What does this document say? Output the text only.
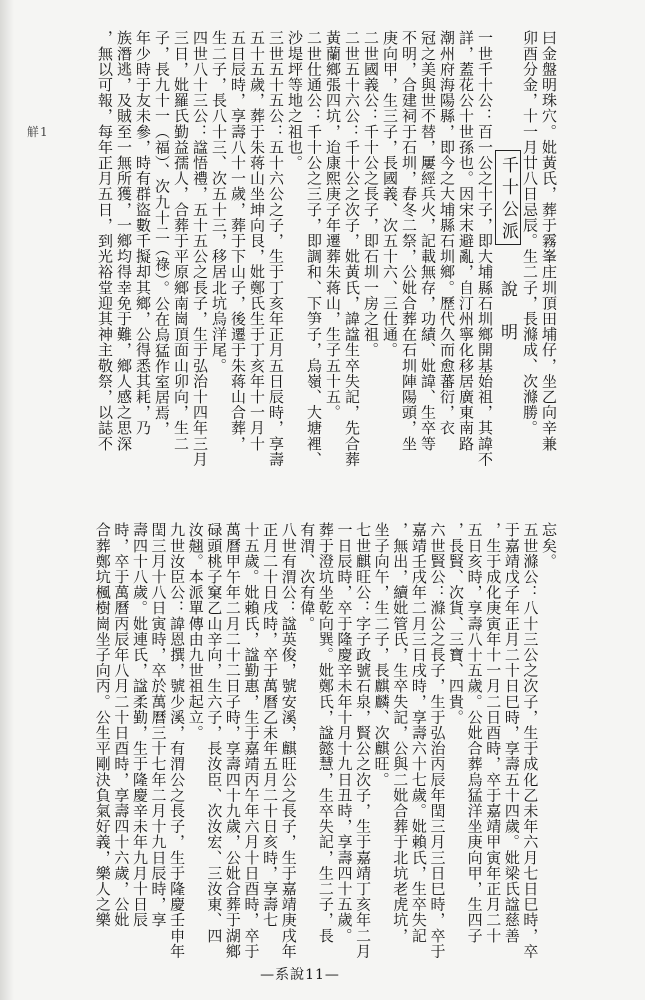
觧1	曰金盤明珠穴。妣黃氏，葬于霧峯庄圳頂田埔仔，坐乙向辛兼
卯酉分金，十一月廿八日忌辰。生二子，長滌成、次滌勝。
千十公派
說明
一世千十公：百一公之十子，即大埔縣石圳鄉開基始祖，其諱不
詳，蓋花公十世孫也。因宋末避亂，自汀州寧化移居廣東南路
潮州府海陽縣，即今之大埔縣石圳鄉。歷代久而愈蕃衍，衣
冠之美與世不替，屢經兵火，記載無存，功績、妣諱、生卒等
不明，合建祠于石圳，春冬二祭，公妣合葬在石圳陣陽頭，坐
庚向甲，生三子，長國義、次五十六、三仕通。
二世國義公：千十公之長子，即石圳一房之祖。
二世五十六公：千十公之次子，妣黃氏，諱諡生卒失記，先合葬
黃蘭鄉張四坑，迨康熙庚子年遷葬朱蒋山，生子五十五。
二世仕通公：千十公之三子，即調和、下笋子，烏嶺、大塘裡、
沙堤坪等地之祖也。
三世五十五公：五十六公之子，生于丁亥年正月五日辰時，享壽
五十五歲，葬于朱蒋山坐坤向艮，妣鄭氏生于丁亥年十一月十
五日辰時，享壽八十一歲，葬于下山子，後遷于朱蒋山合葬，
生二子，長八十三、次五十三，移居北坑烏洋尾。
四世八十三公：諡悟禮，五十五公之長子，生于弘治十四年三月
三日，妣羅氏勤益孺人，合葬于平原鄉南崗頂面山卯向，生二
子，長九十一（福）、次九十二（祿）。公在烏猛作室居焉，
年少時于友未參，時有群盜數千擬却其鄉，公得悉其耗，乃
族潛逃，及賊至一無所獲，一鄉均得幸免于難，鄉人感之思深
，無以可報，每年正月五日，到光裕堂迎其神主敬祭，以誌不
忘矣。
五世滌公：八十三公之次子，生于成化乙未年六月七日巳時，卒
于嘉靖戊子年正月二十日巳時，享壽五十四歲。妣梁氏諡慈善
，生于成化庚寅年十一月二日酉時，卒于嘉靖甲寅年正月二十
五日亥時，享壽八十五歲。公妣合葬烏猛洋坐庚向甲，生四子
，長賢、次貨、三寶、四貴。
六世賢公：滌公之長子，生于弘治丙辰年閏三月三日巳時，卒于
嘉靖壬戌年二月三日戌時，享壽六十七歲。妣賴氏，生卒失記
，無出，續妣管氏，生卒失記，公與二妣合葬于北坑老虎坑，
坐子向午，生二子，長麒麟、次麒旺。
七世麒旺公：字子政號石泉，賢公之次子，生于嘉靖丁亥年二月
一日辰時，卒于隆慶辛未年十月十九日丑時，享壽四十五歲。
葬于澄坑坐乾向巽。妣鄭氏，諡懿慧，生卒失記，生二子，長
有渭、次有偉。
八世有渭公：諡英俊，號安溪，麒旺公之長子，生于嘉靖庚戌年
正月二十日戌時，卒于萬曆乙未年五月二十日亥時，享壽七
十五歲。妣賴氏，諡勤惠，生于嘉靖丙午年六月十日酉時，卒于
萬曆甲午年二月二十二日子時，享壽四十九歲，公妣合葬于湖鄉
碌頭桃子窠乙山辛向，生六子，長汝臣、次汝宏、三汝東、四
汝翹。本派單傳由九世祖起立。
九世汝臣公：諱恩撰，號少溪，有渭公之長子，生于隆慶壬申年
閏三月十八日寅時，卒於萬曆三十七年二月十九日辰時，享
壽四十八歲。妣連氏，諡柔勤，生于隆慶辛未年九月十日辰
時，卒于萬曆丙辰年八月二十日酉時，享壽四十六歲，公妣
合葬鄭坑楓樹崗坐子向丙。公生平剛決負氣好義，樂人之樂
—系說11—
